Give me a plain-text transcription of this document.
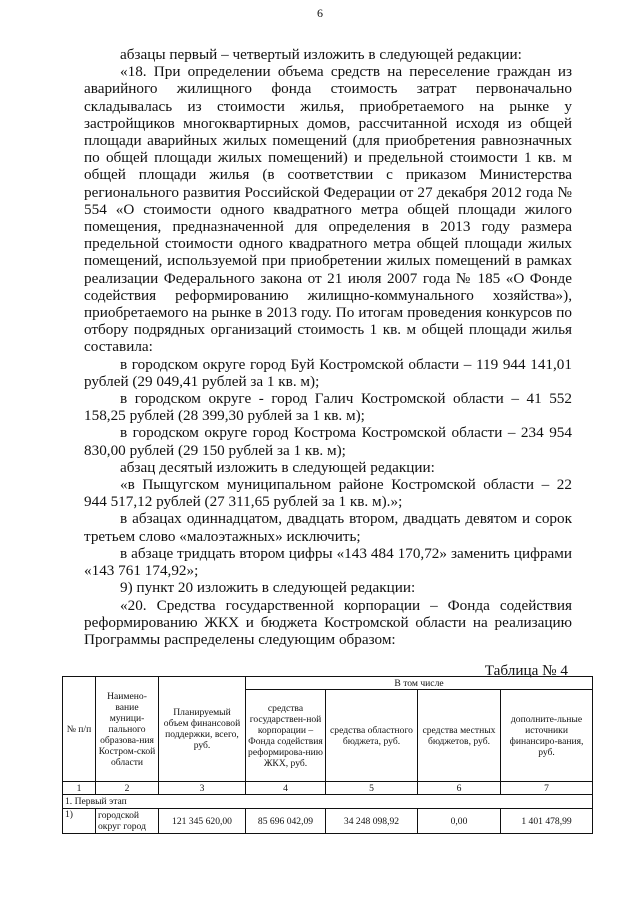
6

абзацы первый – четвертый изложить в следующей редакции:

«18. При определении объема средств на переселение граждан из аварийного жилищного фонда стоимость затрат первоначально складывалась из стоимости жилья, приобретаемого на рынке у застройщиков многоквартирных домов, рассчитанной исходя из общей площади аварийных жилых помещений (для приобретения равнозначных по общей площади жилых помещений) и предельной стоимости 1 кв. м общей площади жилья (в соответствии с приказом Министерства регионального развития Российской Федерации от 27 декабря 2012 года № 554 «О стоимости одного квадратного метра общей площади жилого помещения, предназначенной для определения в 2013 году размера предельной стоимости одного квадратного метра общей площади жилых помещений, используемой при приобретении жилых помещений в рамках реализации Федерального закона от 21 июля 2007 года № 185 «О Фонде содействия реформированию жилищно-коммунального хозяйства»), приобретаемого на рынке в 2013 году. По итогам проведения конкурсов по отбору подрядных организаций стоимость 1 кв. м общей площади жилья составила:

в городском округе город Буй Костромской области – 119 944 141,01 рублей (29 049,41 рублей за 1 кв. м);

в городском округе - город Галич Костромской области – 41 552 158,25 рублей (28 399,30 рублей за 1 кв. м);

в городском округе город Кострома Костромской области – 234 954 830,00 рублей (29 150 рублей за 1 кв. м);

абзац десятый изложить в следующей редакции:

«в Пыщугском муниципальном районе Костромской области – 22 944 517,12 рублей (27 311,65 рублей за 1 кв. м).»;

в абзацах одиннадцатом, двадцать втором, двадцать девятом и сорок третьем слово «малоэтажных» исключить;

в абзаце тридцать втором цифры «143 484 170,72» заменить цифрами «143 761 174,92»;

9) пункт 20 изложить в следующей редакции:

«20. Средства государственной корпорации – Фонда содействия реформированию ЖКХ и бюджета Костромской области на реализацию Программы распределены следующим образом:

Таблица № 4
№ п/п	Наимено-вание муници-пального образова-ния Костром-ской области	Планируемый объем финансовой поддержки, всего, руб.	В том числе			
			средства государствен-ной корпорации – Фонда содействия реформирова-нию ЖКХ, руб.	средства областного бюджета, руб.	средства местных бюджетов, руб.	дополните-льные источники финансиро-вания, руб.
1	2	3	4	5	6	7
1. Первый этап						
1)	городской округ город	121 345 620,00	85 696 042,09	34 248 098,92	0,00	1 401 478,99
